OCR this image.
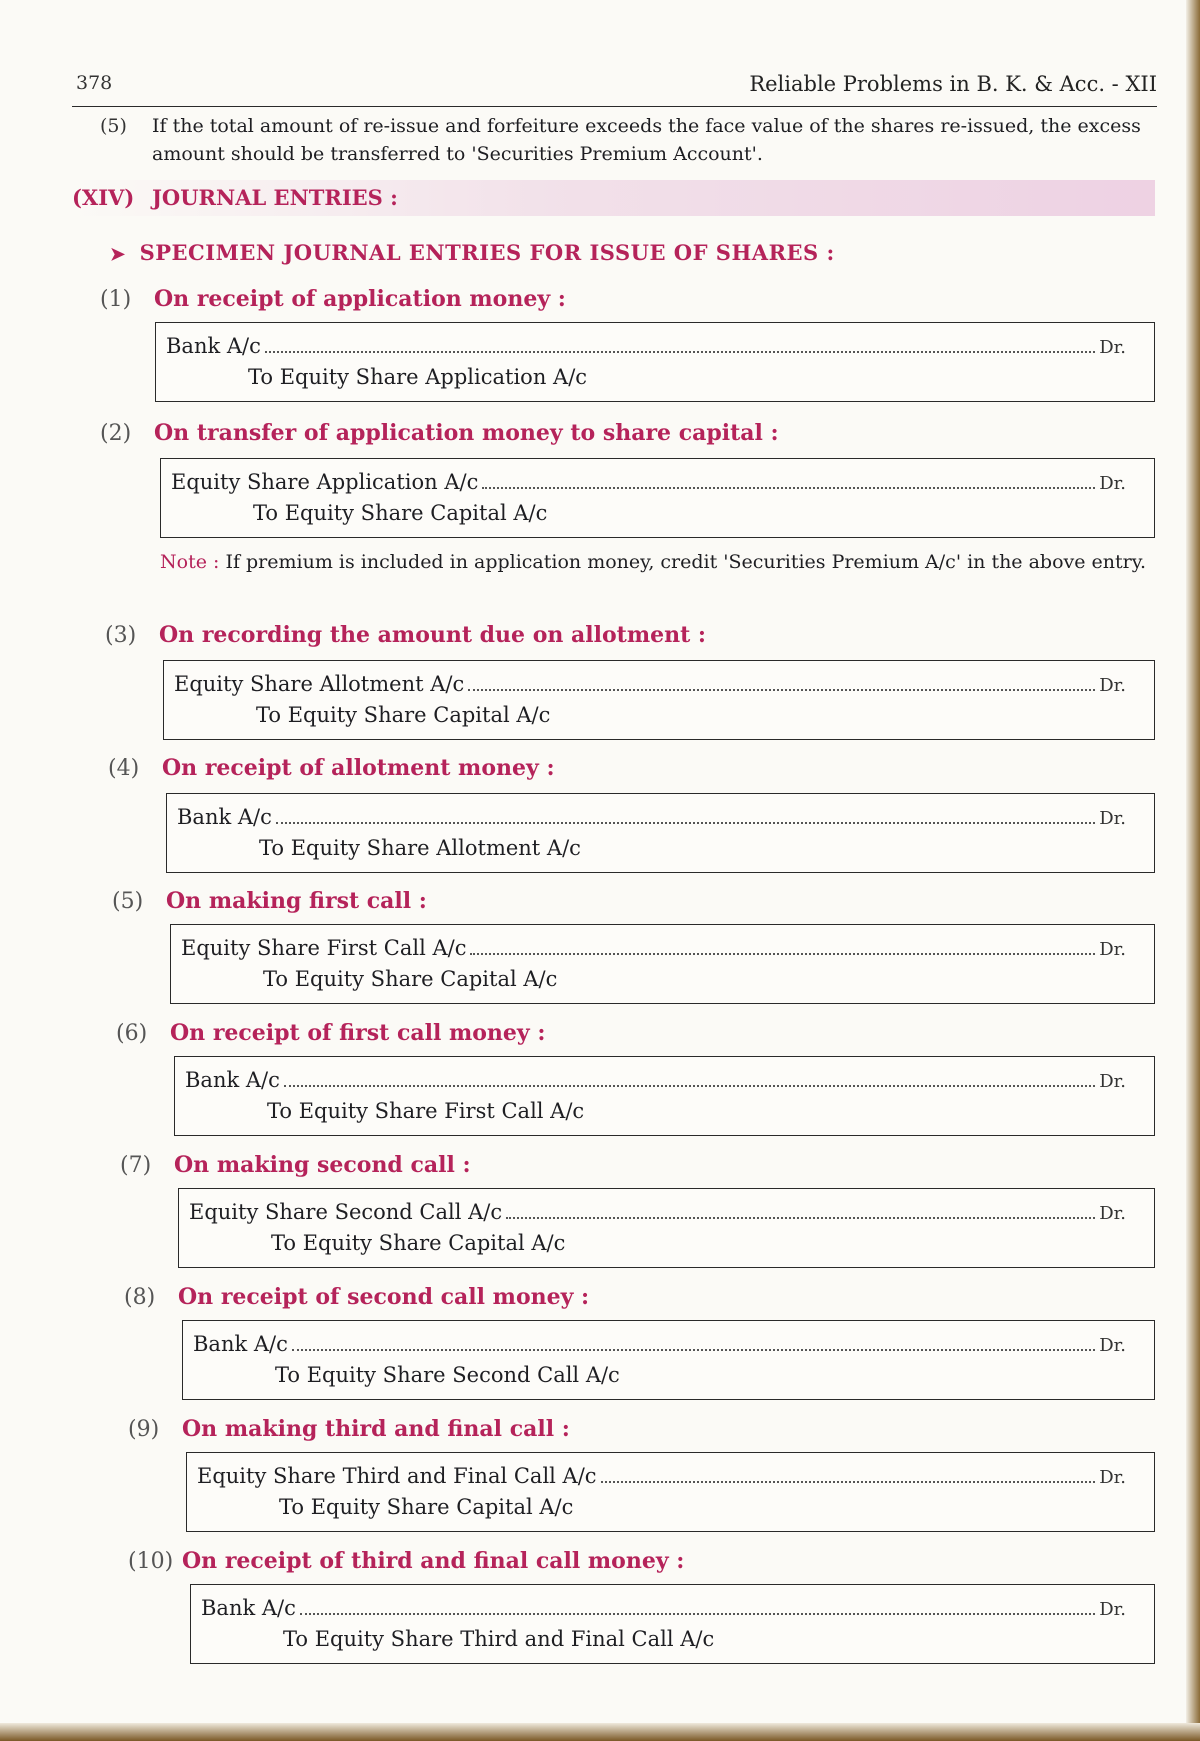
378	Reliable Problems in B. K. & Acc. - XII
(5) If the total amount of re-issue and forfeiture exceeds the face value of the shares re-issued, the excess amount should be transferred to 'Securities Premium Account'.
(XIV) JOURNAL ENTRIES :
➤ SPECIMEN JOURNAL ENTRIES FOR ISSUE OF SHARES :
Note : If premium is included in application money, credit 'Securities Premium A/c' in the above entry.
(1) On receipt of application money :
Bank A/c	Dr.
To Equity Share Application A/c
(2) On transfer of application money to share capital :
Equity Share Application A/c	Dr.
To Equity Share Capital A/c
(3) On recording the amount due on allotment :
Equity Share Allotment A/c	Dr.
To Equity Share Capital A/c
(4) On receipt of allotment money :
Bank A/c	Dr.
To Equity Share Allotment A/c
(5) On making first call :
Equity Share First Call A/c	Dr.
To Equity Share Capital A/c
(6) On receipt of first call money :
Bank A/c	Dr.
To Equity Share First Call A/c
(7) On making second call :
Equity Share Second Call A/c	Dr.
To Equity Share Capital A/c
(8) On receipt of second call money :
Bank A/c	Dr.
To Equity Share Second Call A/c
(9) On making third and final call :
Equity Share Third and Final Call A/c	Dr.
To Equity Share Capital A/c
(10) On receipt of third and final call money :
Bank A/c	Dr.
To Equity Share Third and Final Call A/c
